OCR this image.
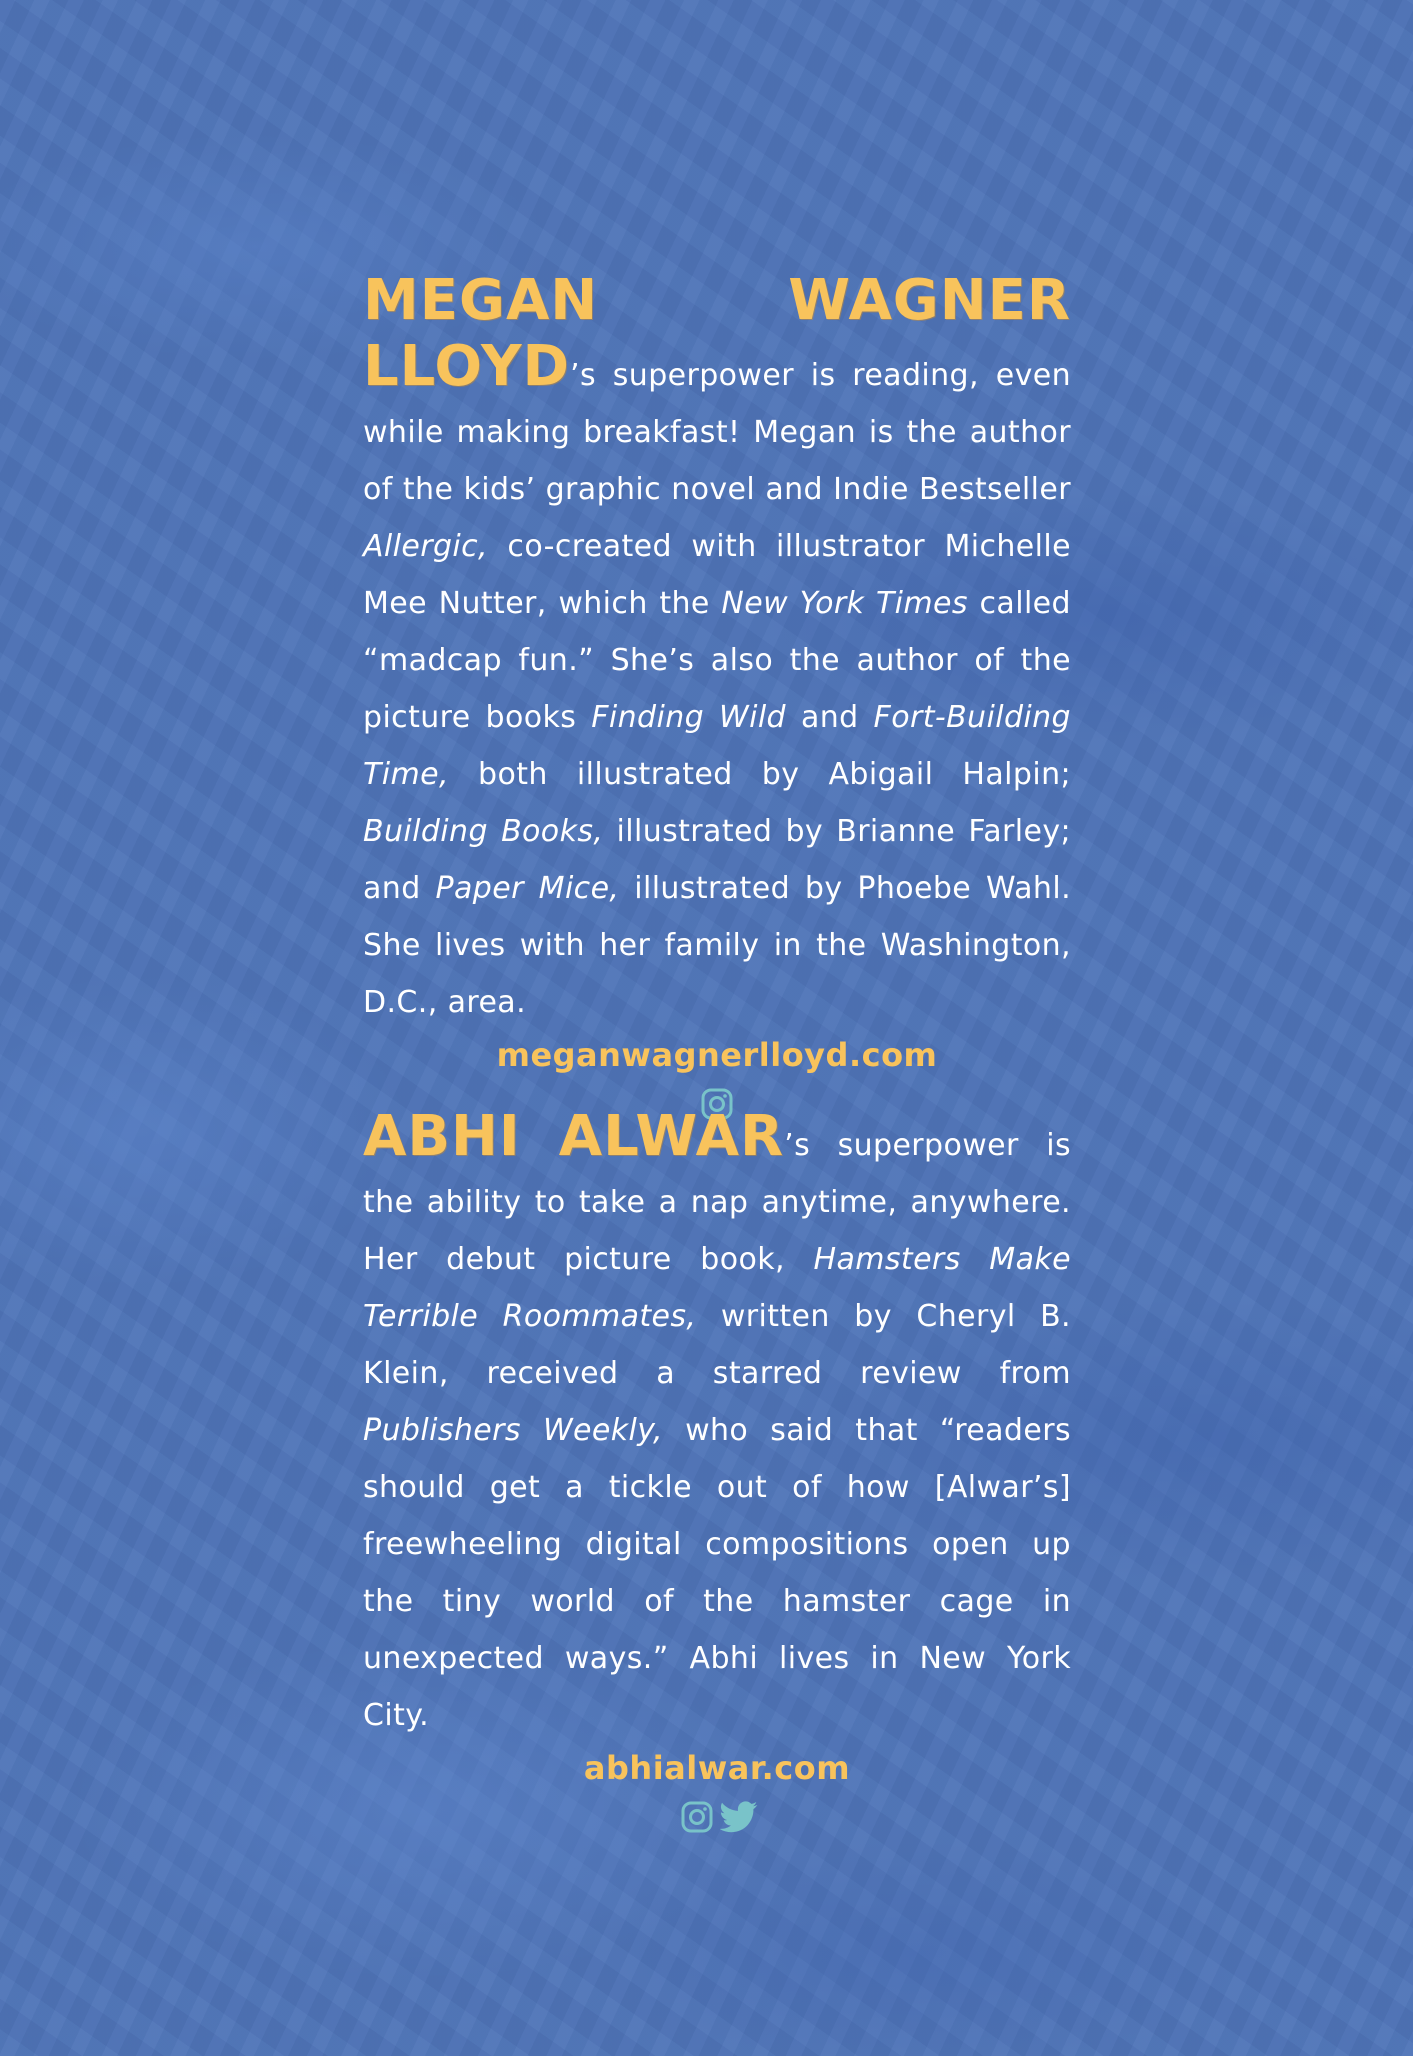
MEGAN WAGNER LLOYD’s superpower is reading, even while making breakfast! Megan is the author of the kids’ graphic novel and Indie Bestseller Allergic, co-created with illustrator Michelle Mee Nutter, which the New York Times called “madcap fun.” She’s also the author of the picture books Finding Wild and Fort-Building Time, both illustrated by Abigail Halpin; Building Books, illustrated by Brianne Farley; and Paper Mice, illustrated by Phoebe Wahl. She lives with her family in the Washington, D.C., area.

meganwagnerlloyd.com

ABHI ALWAR’s superpower is the ability to take a nap anytime, anywhere. Her debut picture book, Hamsters Make Terrible Roommates, written by Cheryl B. Klein, received a starred review from Publishers Weekly, who said that “readers should get a tickle out of how [Alwar’s] freewheeling digital compositions open up the tiny world of the hamster cage in unexpected ways.” Abhi lives in New York City.

abhialwar.com
